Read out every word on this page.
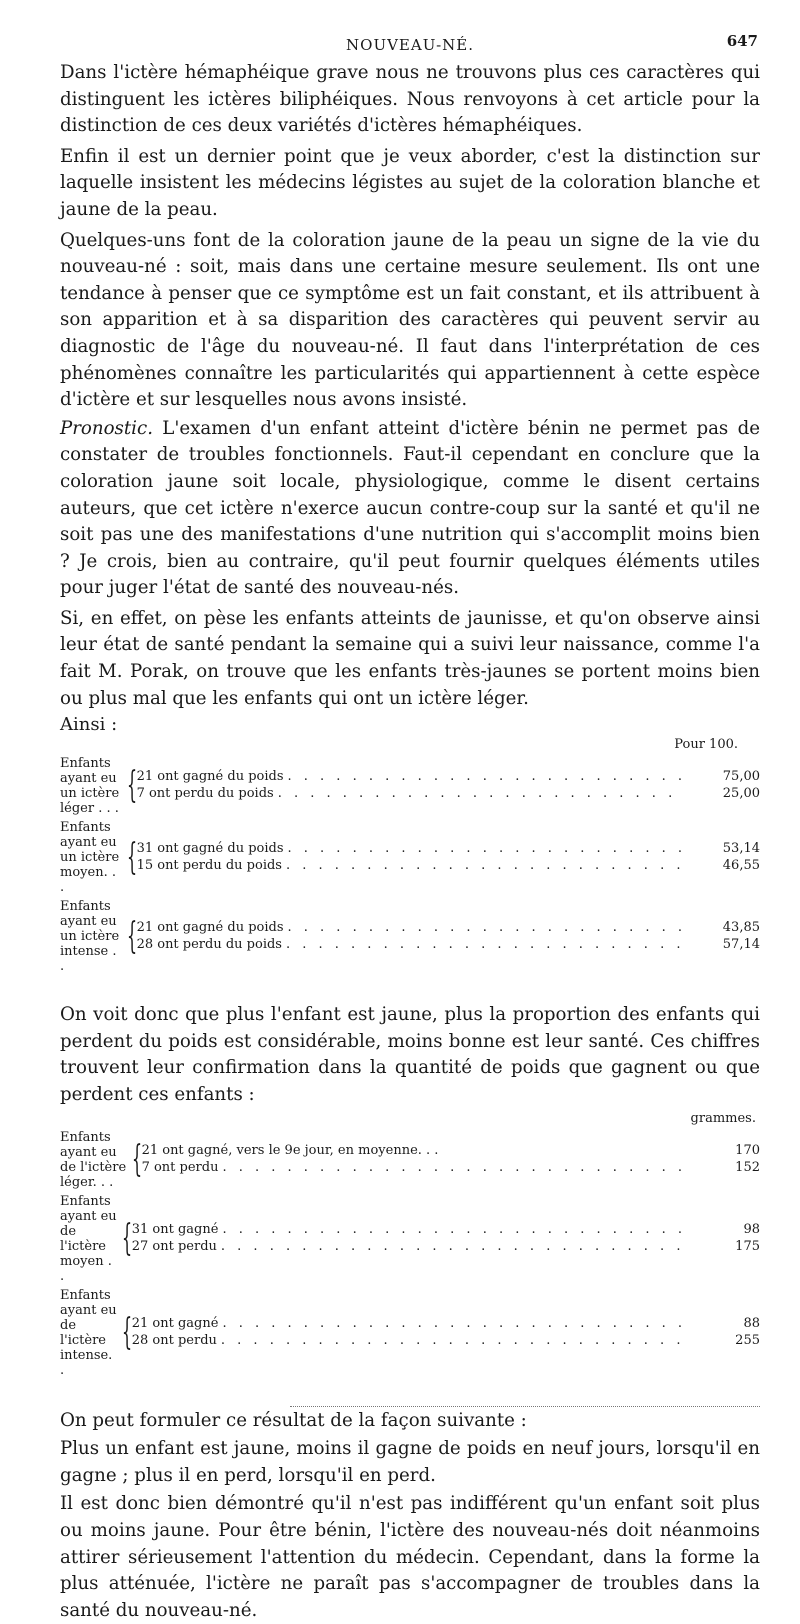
NOUVEAU-NÉ.	647

Dans l'ictère hémaphéique grave nous ne trouvons plus ces caractères qui distinguent les ictères biliphéiques. Nous renvoyons à cet article pour la distinction de ces deux variétés d'ictères hémaphéiques.

Enfin il est un dernier point que je veux aborder, c'est la distinction sur laquelle insistent les médecins légistes au sujet de la coloration blanche et jaune de la peau.

Quelques-uns font de la coloration jaune de la peau un signe de la vie du nouveau-né : soit, mais dans une certaine mesure seulement. Ils ont une tendance à penser que ce symptôme est un fait constant, et ils attribuent à son apparition et à sa disparition des caractères qui peuvent servir au diagnostic de l'âge du nouveau-né. Il faut dans l'interprétation de ces phénomènes connaître les particularités qui appartiennent à cette espèce d'ictère et sur lesquelles nous avons insisté.

Pronostic. L'examen d'un enfant atteint d'ictère bénin ne permet pas de constater de troubles fonctionnels. Faut-il cependant en conclure que la coloration jaune soit locale, physiologique, comme le disent certains auteurs, que cet ictère n'exerce aucun contre-coup sur la santé et qu'il ne soit pas une des manifestations d'une nutrition qui s'accomplit moins bien ? Je crois, bien au contraire, qu'il peut fournir quelques éléments utiles pour juger l'état de santé des nouveau-nés.

Si, en effet, on pèse les enfants atteints de jaunisse, et qu'on observe ainsi leur état de santé pendant la semaine qui a suivi leur naissance, comme l'a fait M. Porak, on trouve que les enfants très-jaunes se portent moins bien ou plus mal que les enfants qui ont un ictère léger.

Ainsi :
Pour 100.
Enfants ayant eu un ictère léger . . .
{ 21 ont gagné du poids . . . . . . . . . . . . . . . . . . . . . . . . .	75,00
7 ont perdu du poids . . . . . . . . . . . . . . . . . . . . . . . . .	25,00
Enfants ayant eu un ictère moyen. . .
{ 31 ont gagné du poids . . . . . . . . . . . . . . . . . . . . . . . . .	53,14
15 ont perdu du poids . . . . . . . . . . . . . . . . . . . . . . . . .	46,55
Enfants ayant eu un ictère intense . .
{ 21 ont gagné du poids . . . . . . . . . . . . . . . . . . . . . . . . .	43,85
28 ont perdu du poids . . . . . . . . . . . . . . . . . . . . . . . . .	57,14

On voit donc que plus l'enfant est jaune, plus la proportion des enfants qui perdent du poids est considérable, moins bonne est leur santé. Ces chiffres trouvent leur confirmation dans la quantité de poids que gagnent ou que perdent ces enfants :

grammes.
Enfants ayant eu de l'ictère léger. . .
{ 21 ont gagné, vers le 9e jour, en moyenne. . .	170
7 ont perdu . . . . . . . . . . . . . . . . . . . . . . . . . . . . .	152
Enfants ayant eu de l'ictère moyen . .
{ 31 ont gagné . . . . . . . . . . . . . . . . . . . . . . . . . . . . .	98
27 ont perdu . . . . . . . . . . . . . . . . . . . . . . . . . . . . .	175
Enfants ayant eu de l'ictère intense. .
{ 21 ont gagné . . . . . . . . . . . . . . . . . . . . . . . . . . . . .	88
28 ont perdu . . . . . . . . . . . . . . . . . . . . . . . . . . . . .	255

On peut formuler ce résultat de la façon suivante :

Plus un enfant est jaune, moins il gagne de poids en neuf jours, lorsqu'il en gagne ; plus il en perd, lorsqu'il en perd.

Il est donc bien démontré qu'il n'est pas indifférent qu'un enfant soit plus ou moins jaune. Pour être bénin, l'ictère des nouveau-nés doit néanmoins attirer sérieusement l'attention du médecin. Cependant, dans la forme la plus atténuée, l'ictère ne paraît pas s'accompagner de troubles dans la santé du nouveau-né.
